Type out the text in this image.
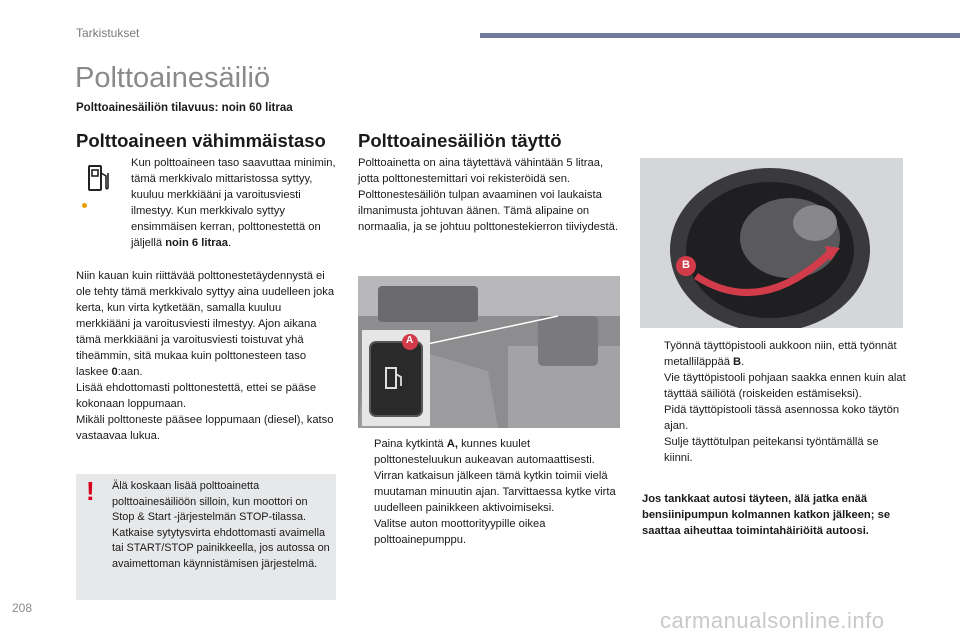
Tarkistukset
Polttoainesäiliö
Polttoainesäiliön tilavuus: noin 60 litraa
Polttoaineen vähimmäistaso
Kun polttoaineen taso saavuttaa minimin, tämä merkkivalo mittaristossa syttyy, kuuluu merkkiääni ja varoitusviesti ilmestyy. Kun merkkivalo syttyy ensimmäisen kerran, polttonestettä on jäljellä noin 6 litraa.
Niin kauan kuin riittävää polttonestetäydennystä ei ole tehty tämä merkkivalo syttyy aina uudelleen joka kerta, kun virta kytketään, samalla kuuluu merkkiääni ja varoitusviesti ilmestyy. Ajon aikana tämä merkkiääni ja varoitusviesti toistuvat yhä tiheämmin, sitä mukaa kuin polttonesteen taso laskee 0:aan.
Lisää ehdottomasti polttonestettä, ettei se pääse kokonaan loppumaan.
Mikäli polttoneste pääsee loppumaan (diesel), katso vastaavaa lukua.
! Älä koskaan lisää polttoainetta polttoainesäiliöön silloin, kun moottori on Stop & Start -järjestelmän STOP-tilassa. Katkaise sytytysvirta ehdottomasti avaimella tai START/STOP painikkeella, jos autossa on avaimettoman käynnistämisen järjestelmä.
Polttoainesäiliön täyttö
Polttoainetta on aina täytettävä vähintään 5 litraa, jotta polttonestemittari voi rekisteröidä sen.
Polttonestesäiliön tulpan avaaminen voi laukaista ilmanimusta johtuvan äänen. Tämä alipaine on normaalia, ja se johtuu polttonestekierron tiiviydestä.
A
Paina kytkintä A, kunnes kuulet polttonesteluukun aukeavan automaattisesti.
Virran katkaisun jälkeen tämä kytkin toimii vielä muutaman minuutin ajan. Tarvittaessa kytke virta uudelleen painikkeen aktivoimiseksi.
Valitse auton moottorityypille oikea polttoainepumppu.
B
Työnnä täyttöpistooli aukkoon niin, että työnnät metalliläppää B.
Vie täyttöpistooli pohjaan saakka ennen kuin alat täyttää säiliötä (roiskeiden estämiseksi).
Pidä täyttöpistooli tässä asennossa koko täytön ajan.
Sulje täyttötulpan peitekansi työntämällä se kiinni.
Jos tankkaat autosi täyteen, älä jatka enää bensiinipumpun kolmannen katkon jälkeen; se saattaa aiheuttaa toimintahäiriöitä autoosi.
208	carmanualsonline.info
